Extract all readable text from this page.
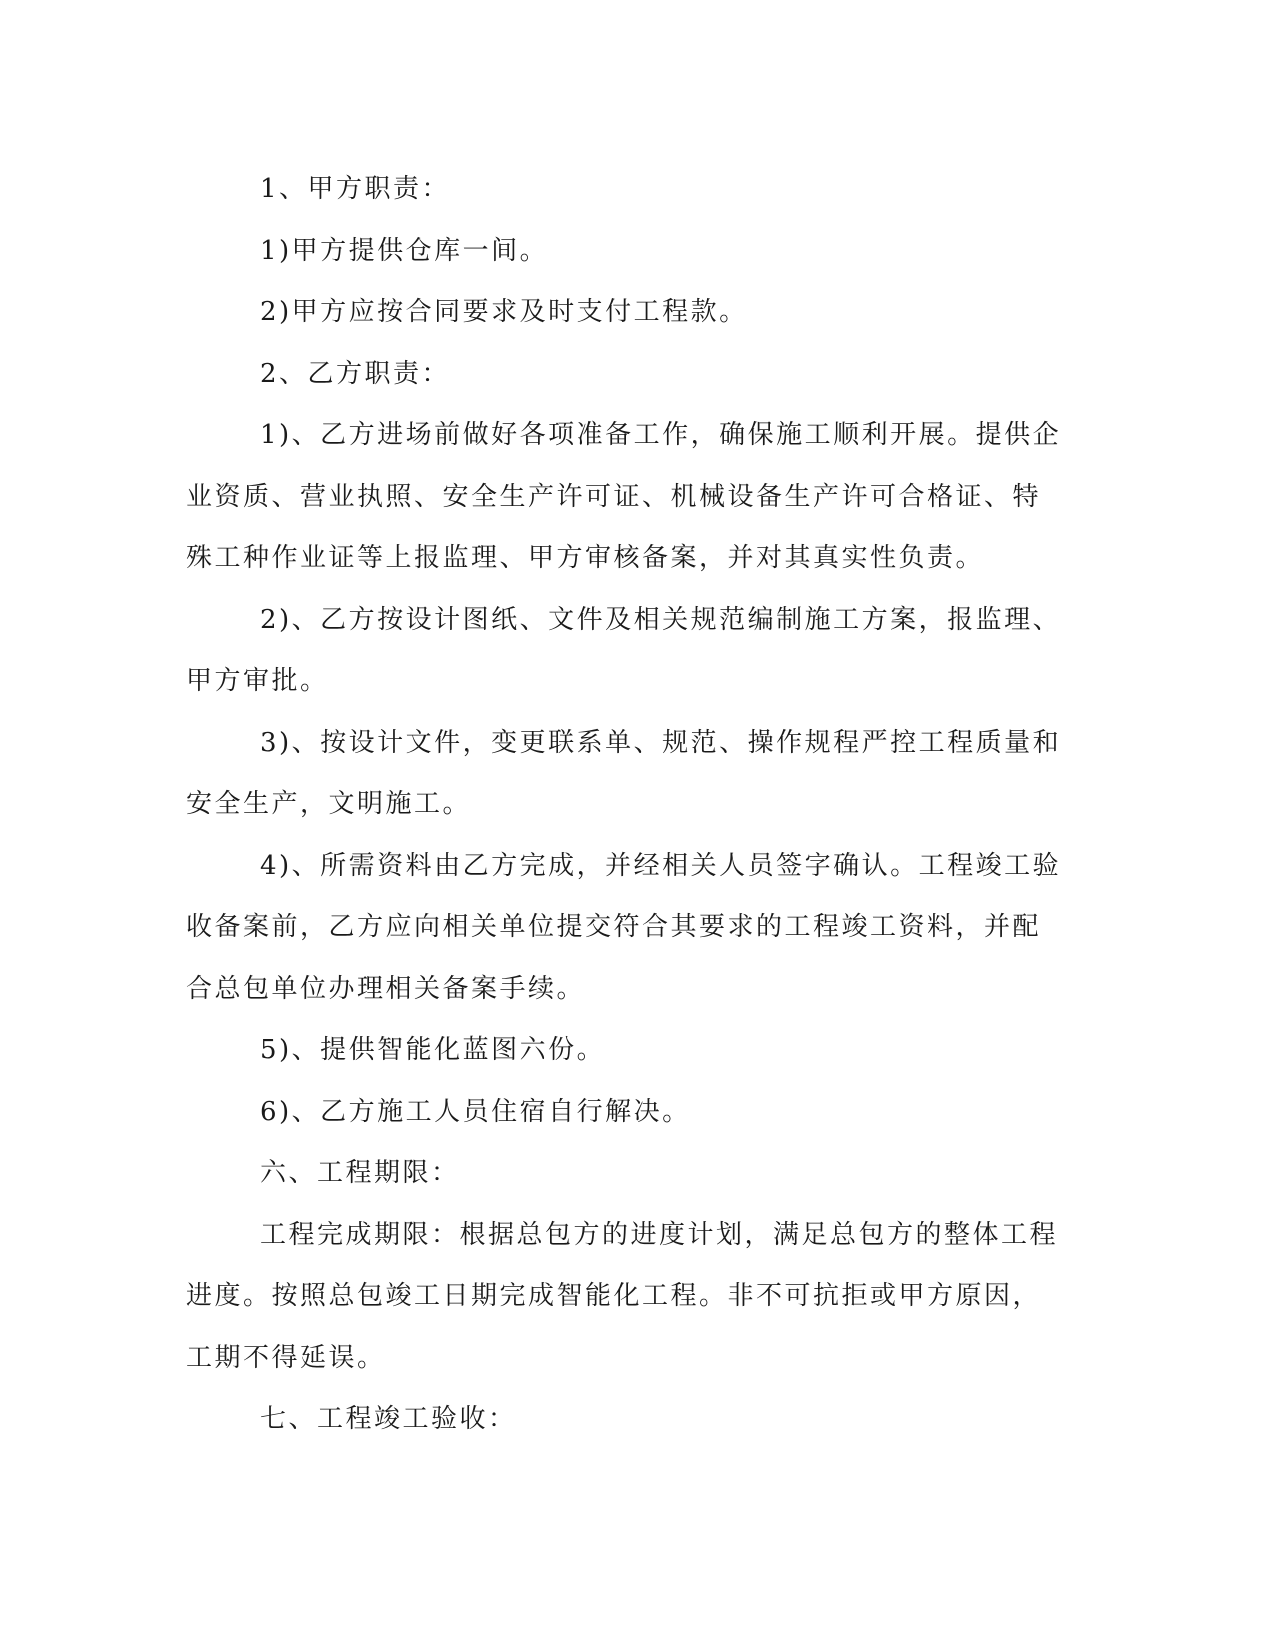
1、甲方职责：

1)甲方提供仓库一间。

2)甲方应按合同要求及时支付工程款。

2、乙方职责：

1)、乙方进场前做好各项准备工作，确保施工顺利开展。提供企业资质、营业执照、安全生产许可证、机械设备生产许可合格证、特殊工种作业证等上报监理、甲方审核备案，并对其真实性负责。

2)、乙方按设计图纸、文件及相关规范编制施工方案，报监理、甲方审批。

3)、按设计文件，变更联系单、规范、操作规程严控工程质量和安全生产，文明施工。

4)、所需资料由乙方完成，并经相关人员签字确认。工程竣工验收备案前，乙方应向相关单位提交符合其要求的工程竣工资料，并配合总包单位办理相关备案手续。

5)、提供智能化蓝图六份。

6)、乙方施工人员住宿自行解决。

六、工程期限：

工程完成期限：根据总包方的进度计划，满足总包方的整体工程进度。按照总包竣工日期完成智能化工程。非不可抗拒或甲方原因，工期不得延误。

七、工程竣工验收：
